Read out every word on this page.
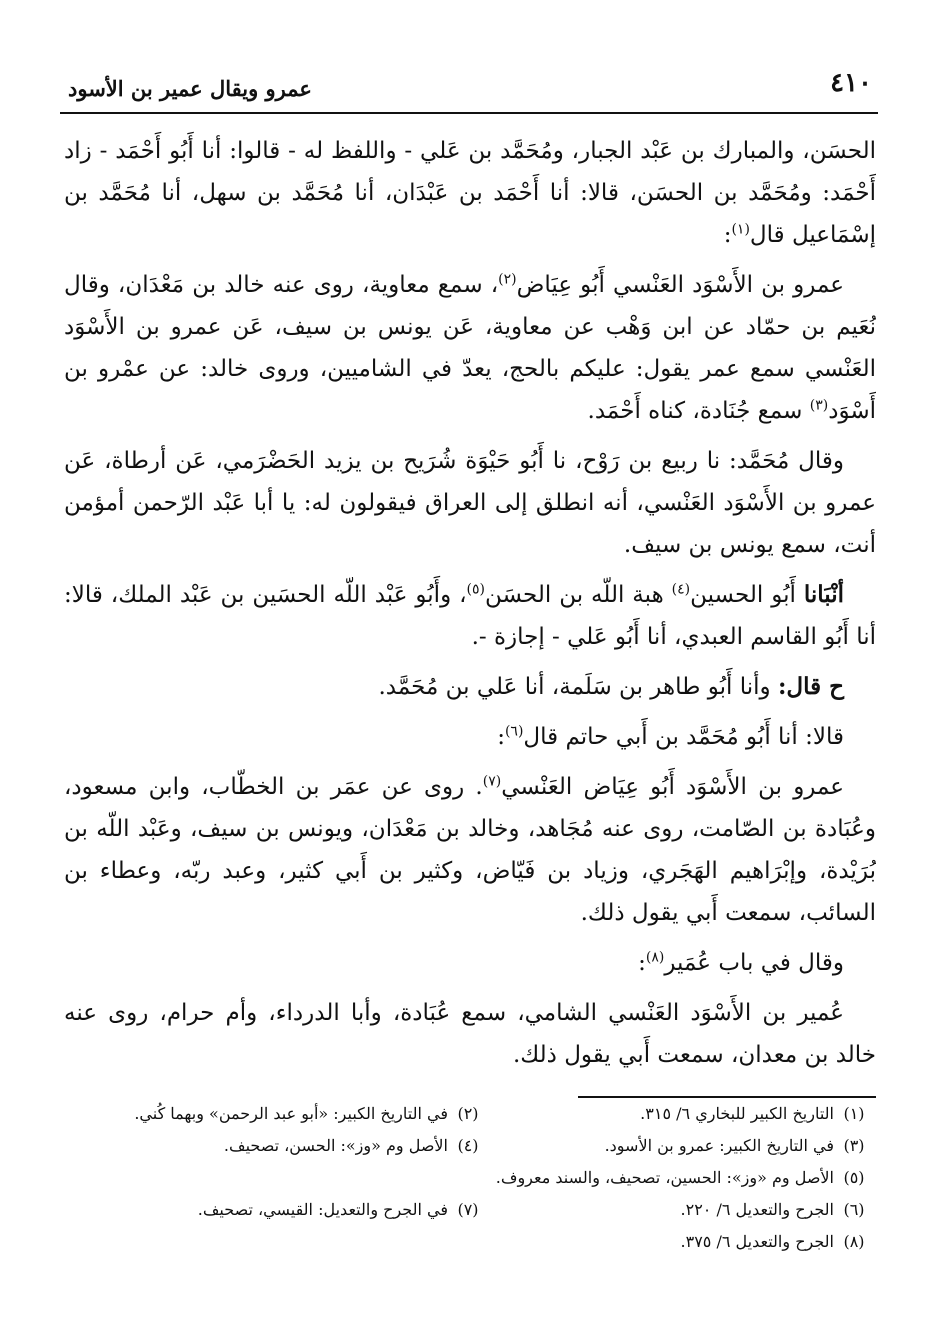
٤١٠
عمرو ويقال عمير بن الأسود

الحسَن، والمبارك بن عَبْد الجبار، ومُحَمَّد بن عَلي - واللفظ له - قالوا: أنا أَبُو أَحْمَد - زاد أَحْمَد: ومُحَمَّد بن الحسَن، قالا: أنا أَحْمَد بن عَبْدَان، أنا مُحَمَّد بن سهل، أنا مُحَمَّد بن إسْمَاعيل قال$^{(١)}$:

عمرو بن الأَسْوَد العَنْسي أَبُو عِيَاض$^{(٢)}$، سمع معاوية، روى عنه خالد بن مَعْدَان، وقال نُعَيم بن حمّاد عن ابن وَهْب عن معاوية، عَن يونس بن سيف، عَن عمرو بن الأَسْوَد العَنْسي سمع عمر يقول: عليكم بالحج، يعدّ في الشاميين، وروى خالد: عن عمْرو بن أَسْوَد$^{(٣)}$ سمع جُنَادة، كناه أَحْمَد.

وقال مُحَمَّد: نا ربيع بن رَوْح، نا أَبُو حَيْوَة شُرَيح بن يزيد الحَضْرَمي، عَن أرطاة، عَن عمرو بن الأَسْوَد العَنْسي، أنه انطلق إلى العراق فيقولون له: يا أبا عَبْد الرّحمن أمؤمن أنت، سمع يونس بن سيف.

أنْبَانا أَبُو الحسين$^{(٤)}$ هبة اللّه بن الحسَن$^{(٥)}$، وأَبُو عَبْد اللّه الحسَين بن عَبْد الملك، قالا: أنا أَبُو القاسم العبدي، أنا أَبُو عَلي - إجازة -.

ح قال: وأنا أَبُو طاهر بن سَلَمة، أنا عَلي بن مُحَمَّد.

قالا: أنا أَبُو مُحَمَّد بن أَبي حاتم قال$^{(٦)}$:

عمرو بن الأَسْوَد أَبُو عِيَاض العَنْسي$^{(٧)}$. روى عن عمَر بن الخطّاب، وابن مسعود، وعُبَادة بن الصّامت، روى عنه مُجَاهد، وخالد بن مَعْدَان، ويونس بن سيف، وعَبْد اللّه بن بُرَيْدة، وإبْرَاهيم الهَجَري، وزياد بن فَيّاض، وكثير بن أَبي كثير، وعبد ربّه، وعطاء بن السائب، سمعت أَبي يقول ذلك.

وقال في باب عُمَير$^{(٨)}$:

عُمير بن الأَسْوَد العَنْسي الشامي، سمع عُبَادة، وأبا الدرداء، وأم حرام، روى عنه خالد بن معدان، سمعت أَبي يقول ذلك.

(١)التاريخ الكبير للبخاري ٦/ ٣١٥.
(٢)في التاريخ الكبير: «أبو عبد الرحمن» وبهما كُني.
(٣)في التاريخ الكبير: عمرو بن الأسود.
(٤)الأصل وم «وز»: الحسن، تصحيف.
(٥)الأصل وم «وز»: الحسين، تصحيف، والسند معروف.
(٦)الجرح والتعديل ٦/ ٢٢٠.
(٧)في الجرح والتعديل: القيسي، تصحيف.
(٨)الجرح والتعديل ٦/ ٣٧٥.
